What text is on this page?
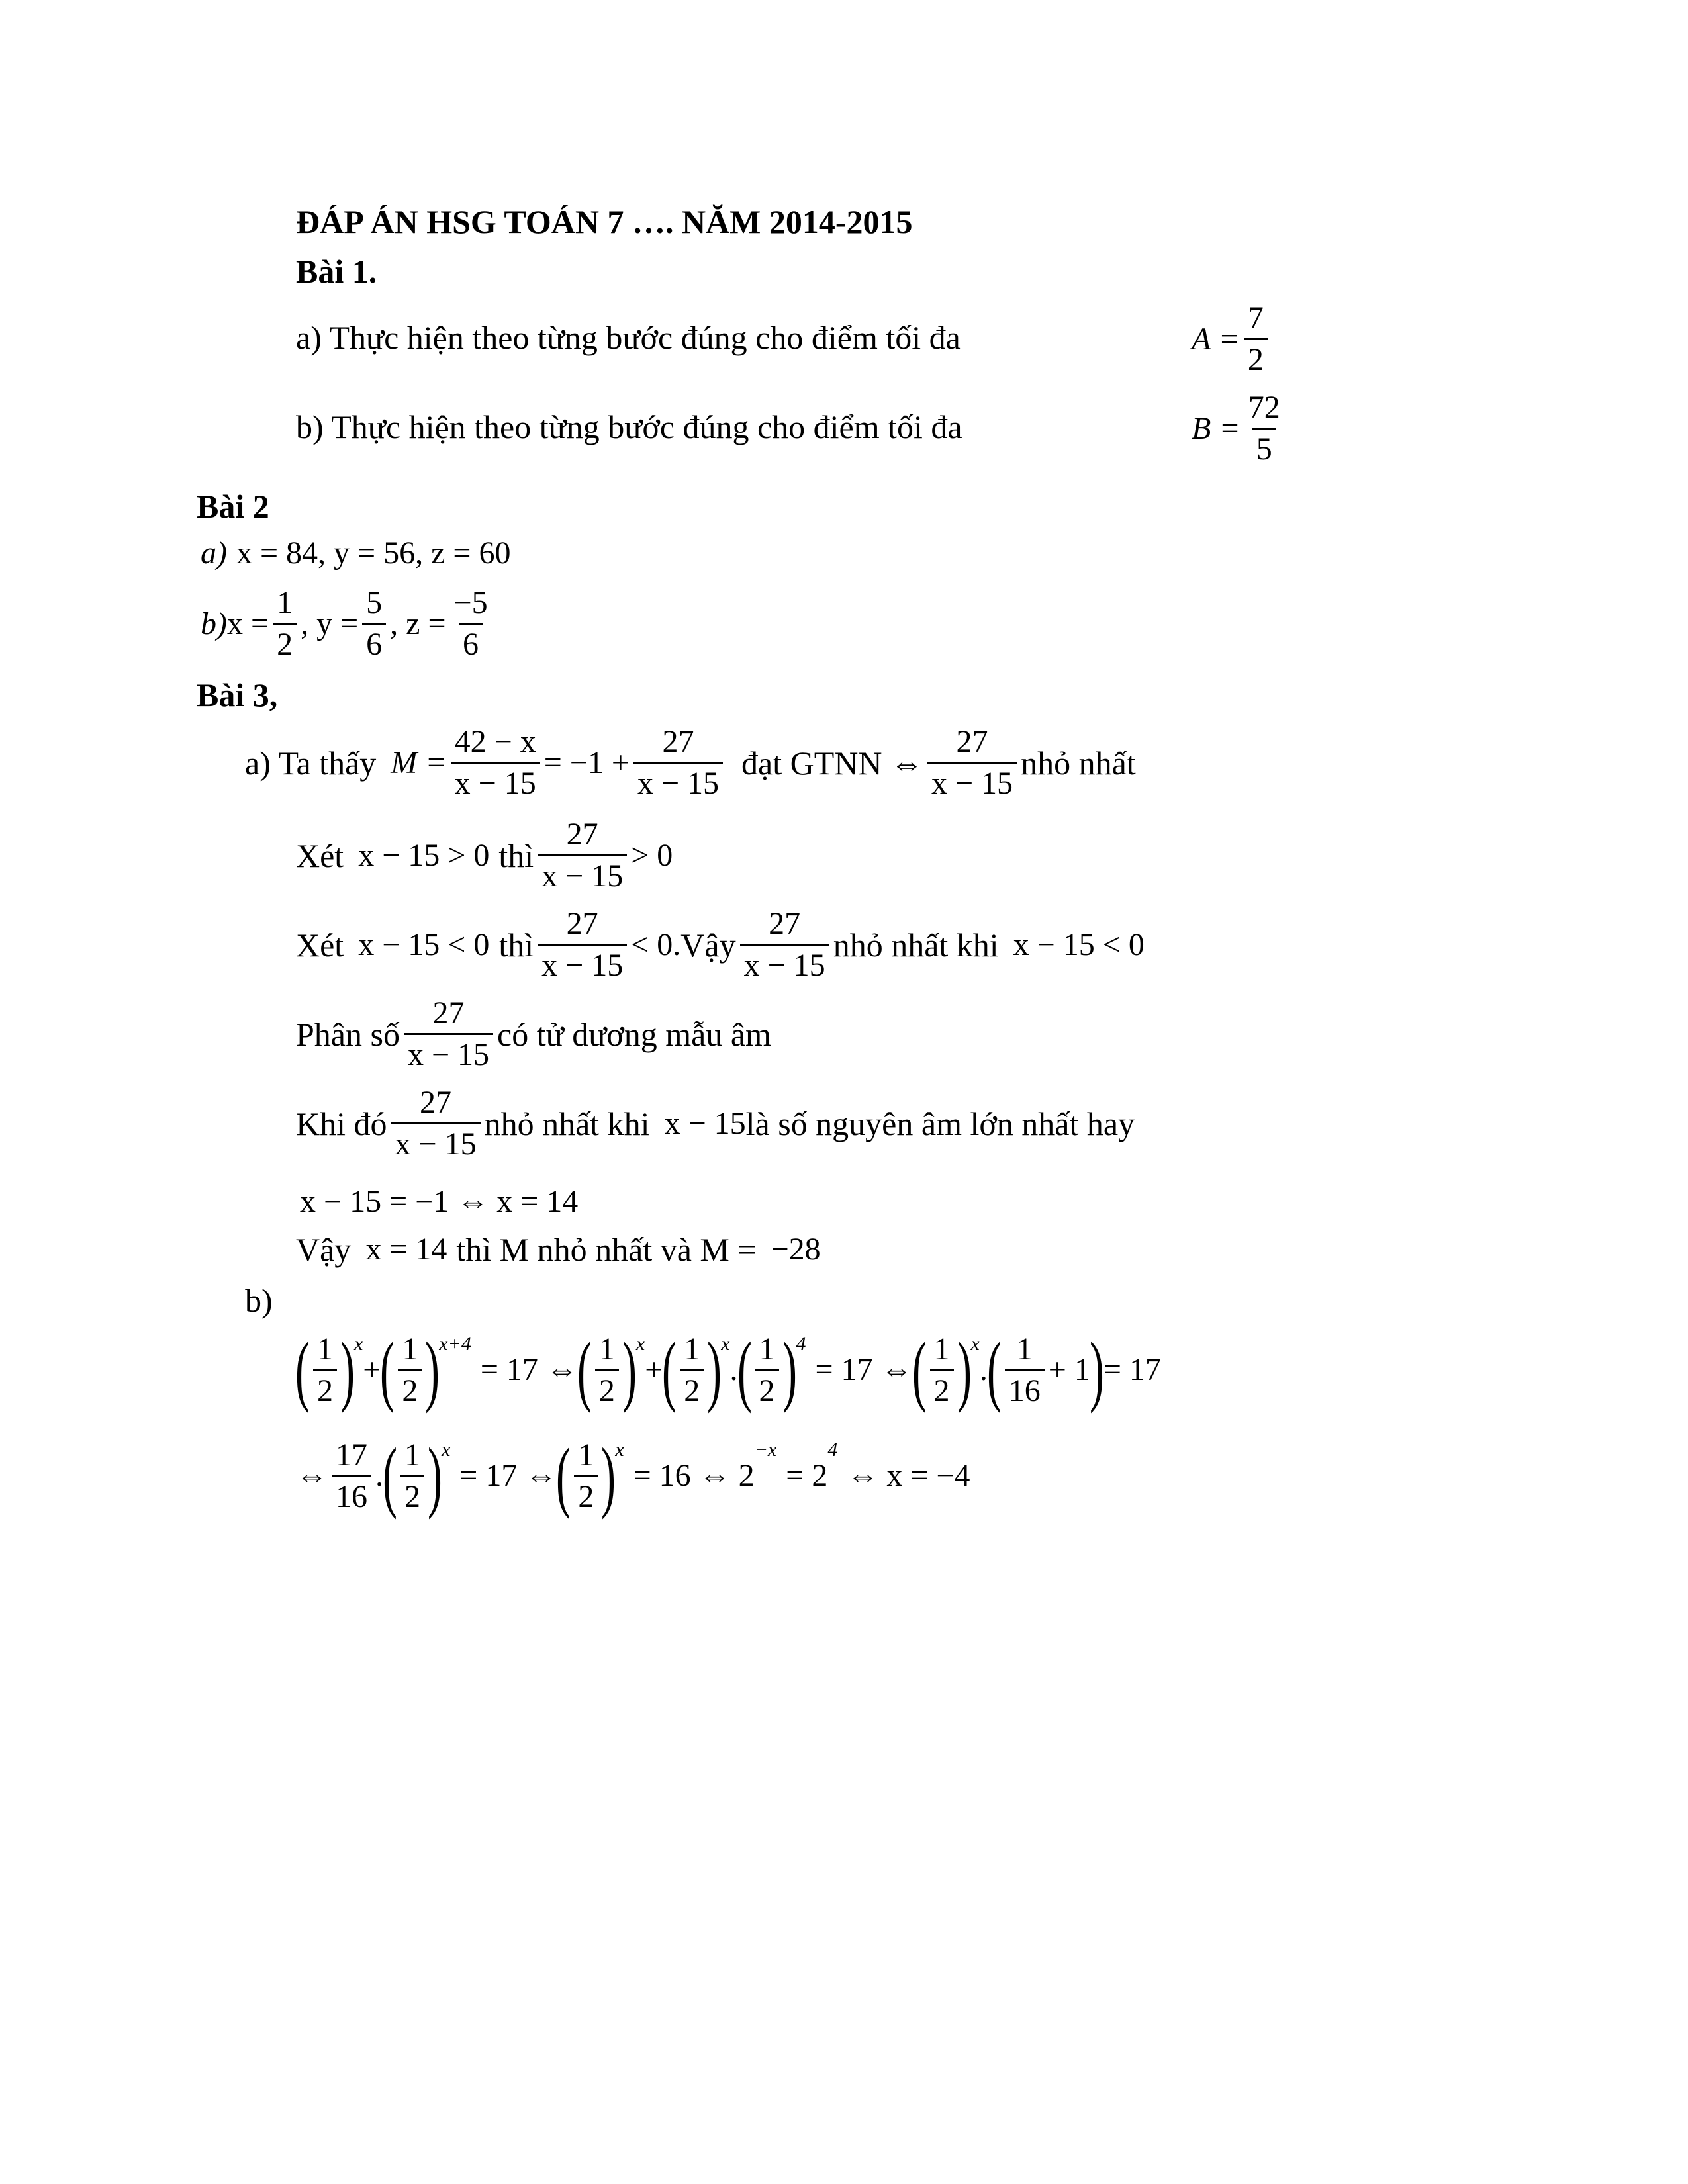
ĐÁP ÁN HSG TOÁN 7 …. NĂM 2014-2015
Bài 1.
a) Thực hiện theo từng bước đúng cho điểm tối đa	$A = \frac{7}{2}$
b) Thực hiện theo từng bước đúng cho điểm tối đa	$B = \frac{72}{5}$
Bài 2
a) x = 84, y = 56, z = 60
b) $x = \frac{1}{2}$ , $y = \frac{5}{6}$ , $z = \frac{-5}{6}$
Bài 3,
a) Ta thấy $M = \frac{42 - x}{x - 15} = -1 + \frac{27}{x - 15}$ đạt GTNN ⇔ $\frac{27}{x - 15}$ nhỏ nhất
Xét x − 15 > 0 thì $\frac{27}{x - 15} > 0$
Xét x − 15 < 0 thì $\frac{27}{x - 15} < 0$. Vậy $\frac{27}{x - 15}$ nhỏ nhất khi x − 15 < 0
Phân số $\frac{27}{x - 15}$ có tử dương mẫu âm
Khi đó $\frac{27}{x - 15}$ nhỏ nhất khi x − 15 là số nguyên âm lớn nhất hay
x − 15 = −1 ⇔ x = 14
Vậy x = 14 thì M nhỏ nhất và M = −28
b)
( $\frac{1}{2}$ )
x
+
( $\frac{1}{2}$ )
x+4
= 17 ⇔
( $\frac{1}{2}$ )
x
+
( $\frac{1}{2}$ )
x
.
( $\frac{1}{2}$ )
4
= 17 ⇔
( $\frac{1}{2}$ )
x
.
( $\frac{1}{16} + 1$
)
= 17
⇔ $\frac{17}{16}$ .
( $\frac{1}{2}$ )
x
= 17 ⇔
( $\frac{1}{2}$ )
x
= 16 ⇔ 2
−x
= 2
4
⇔ x = −4
